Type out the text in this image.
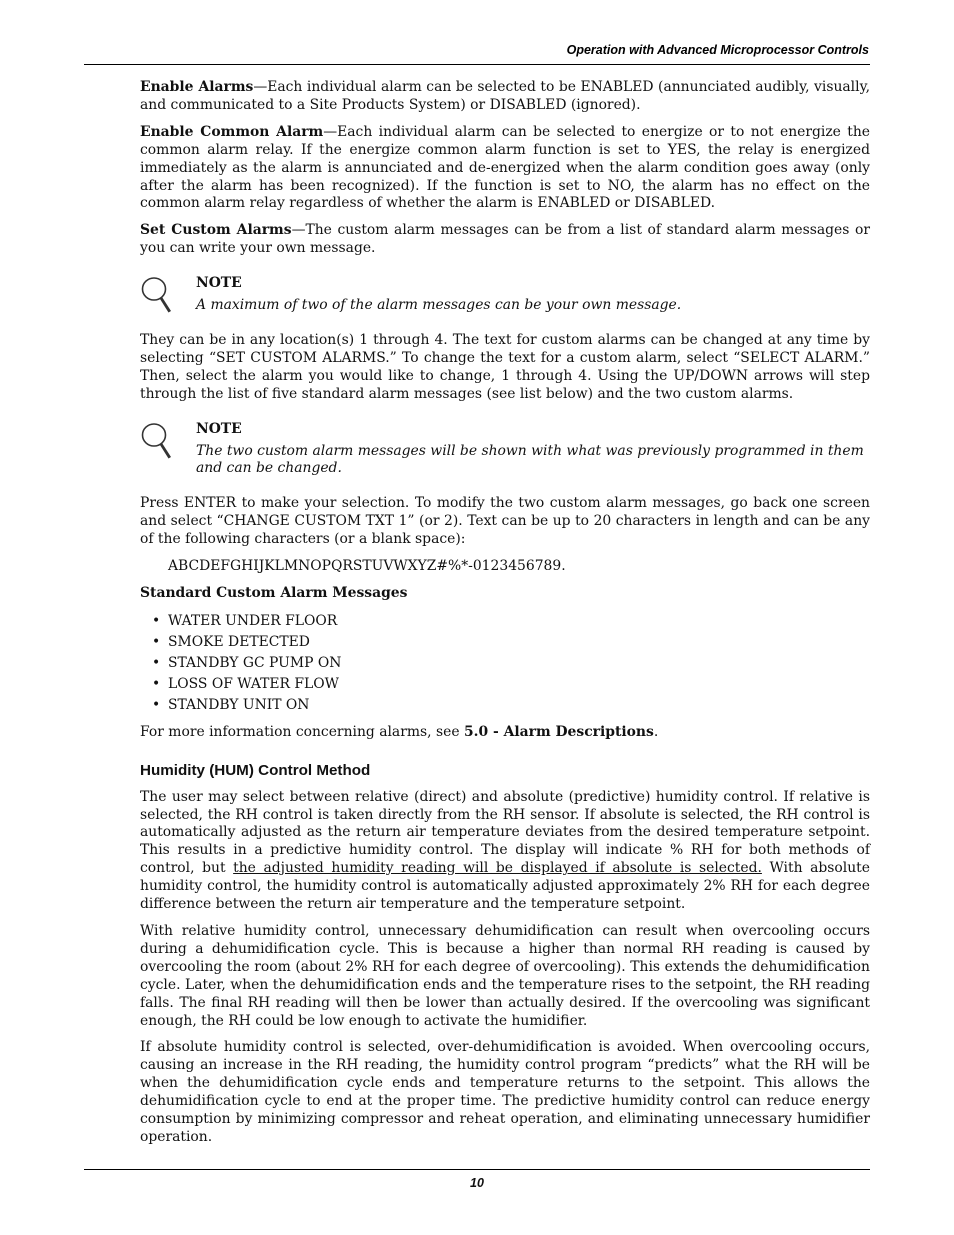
Operation with Advanced Microprocessor Controls

Enable Alarms—Each individual alarm can be selected to be ENABLED (annunciated audibly, visually, and communicated to a Site Products System) or DISABLED (ignored).

Enable Common Alarm—Each individual alarm can be selected to energize or to not energize the common alarm relay. If the energize common alarm function is set to YES, the relay is energized immediately as the alarm is annunciated and de-energized when the alarm condition goes away (only after the alarm has been recognized). If the function is set to NO, the alarm has no effect on the common alarm relay regardless of whether the alarm is ENABLED or DISABLED.

Set Custom Alarms—The custom alarm messages can be from a list of standard alarm messages or you can write your own message.

NOTE
A maximum of two of the alarm messages can be your own message.

They can be in any location(s) 1 through 4. The text for custom alarms can be changed at any time by selecting “SET CUSTOM ALARMS.” To change the text for a custom alarm, select “SELECT ALARM.” Then, select the alarm you would like to change, 1 through 4. Using the UP/DOWN arrows will step through the list of five standard alarm messages (see list below) and the two custom alarms.

NOTE
The two custom alarm messages will be shown with what was previously programmed in them and can be changed.

Press ENTER to make your selection. To modify the two custom alarm messages, go back one screen and select “CHANGE CUSTOM TXT 1” (or 2). Text can be up to 20 characters in length and can be any of the following characters (or a blank space):

ABCDEFGHIJKLMNOPQRSTUVWXYZ#%*-0123456789.
Standard Custom Alarm Messages
• WATER UNDER FLOOR
• SMOKE DETECTED
• STANDBY GC PUMP ON
• LOSS OF WATER FLOW
• STANDBY UNIT ON

For more information concerning alarms, see 5.0 - Alarm Descriptions.

Humidity (HUM) Control Method

The user may select between relative (direct) and absolute (predictive) humidity control. If relative is selected, the RH control is taken directly from the RH sensor. If absolute is selected, the RH control is automatically adjusted as the return air temperature deviates from the desired temperature setpoint. This results in a predictive humidity control. The display will indicate % RH for both methods of control, but the adjusted humidity reading will be displayed if absolute is selected. With absolute humidity control, the humidity control is automatically adjusted approximately 2% RH for each degree difference between the return air temperature and the temperature setpoint.

With relative humidity control, unnecessary dehumidification can result when overcooling occurs during a dehumidification cycle. This is because a higher than normal RH reading is caused by overcooling the room (about 2% RH for each degree of overcooling). This extends the dehumidification cycle. Later, when the dehumidification ends and the temperature rises to the setpoint, the RH reading falls. The final RH reading will then be lower than actually desired. If the overcooling was significant enough, the RH could be low enough to activate the humidifier.

If absolute humidity control is selected, over-dehumidification is avoided. When overcooling occurs, causing an increase in the RH reading, the humidity control program “predicts” what the RH will be when the dehumidification cycle ends and temperature returns to the setpoint. This allows the dehumidification cycle to end at the proper time. The predictive humidity control can reduce energy consumption by minimizing compressor and reheat operation, and eliminating unnecessary humidifier operation.

10
